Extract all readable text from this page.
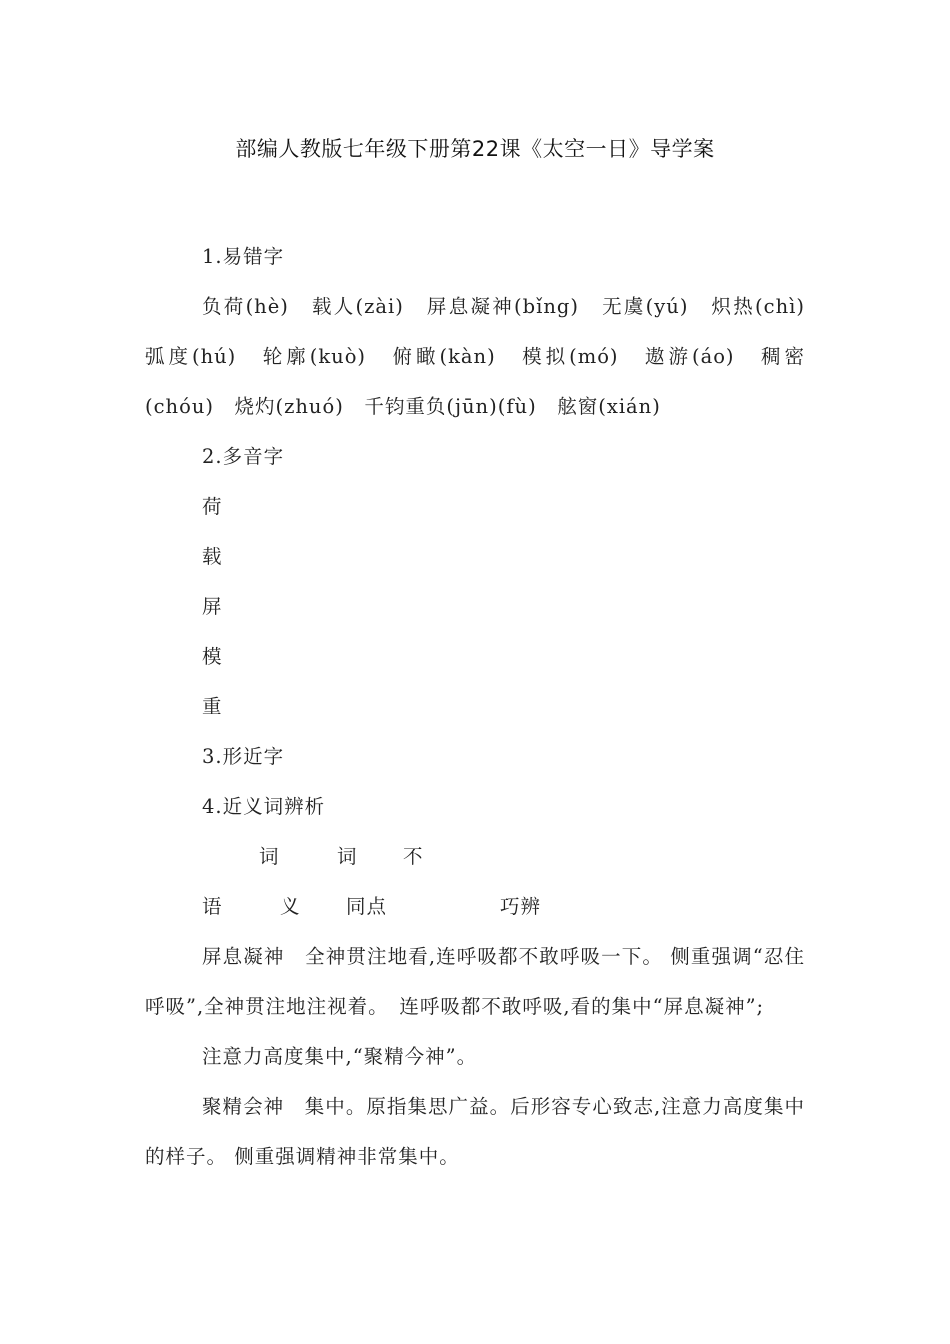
部编人教版七年级下册第22课《太空一日》导学案

1.易错字

负荷(hè)　载人(zài)　屏息凝神(bǐng)　无虞(yú)　炽热(chì)　弧度(hú)　轮廓(kuò)　俯瞰(kàn)　模拟(mó)　遨游(áo)　稠密(chóu)　烧灼(zhuó)　千钧重负(jūn)(fù)　舷窗(xián)

2.多音字

荷

载

屏

模

重

3.形近字

4.近义词辨析

词语词义不同点	巧辨

屏息凝神　全神贯注地看,连呼吸都不敢呼吸一下。 侧重强调“忍住呼吸”,全神贯注地注视着。　连呼吸都不敢呼吸,看的集中“屏息凝神”;

注意力高度集中,“聚精今神”。

聚精会神　集中。原指集思广益。后形容专心致志,注意力高度集中的样子。 侧重强调精神非常集中。
